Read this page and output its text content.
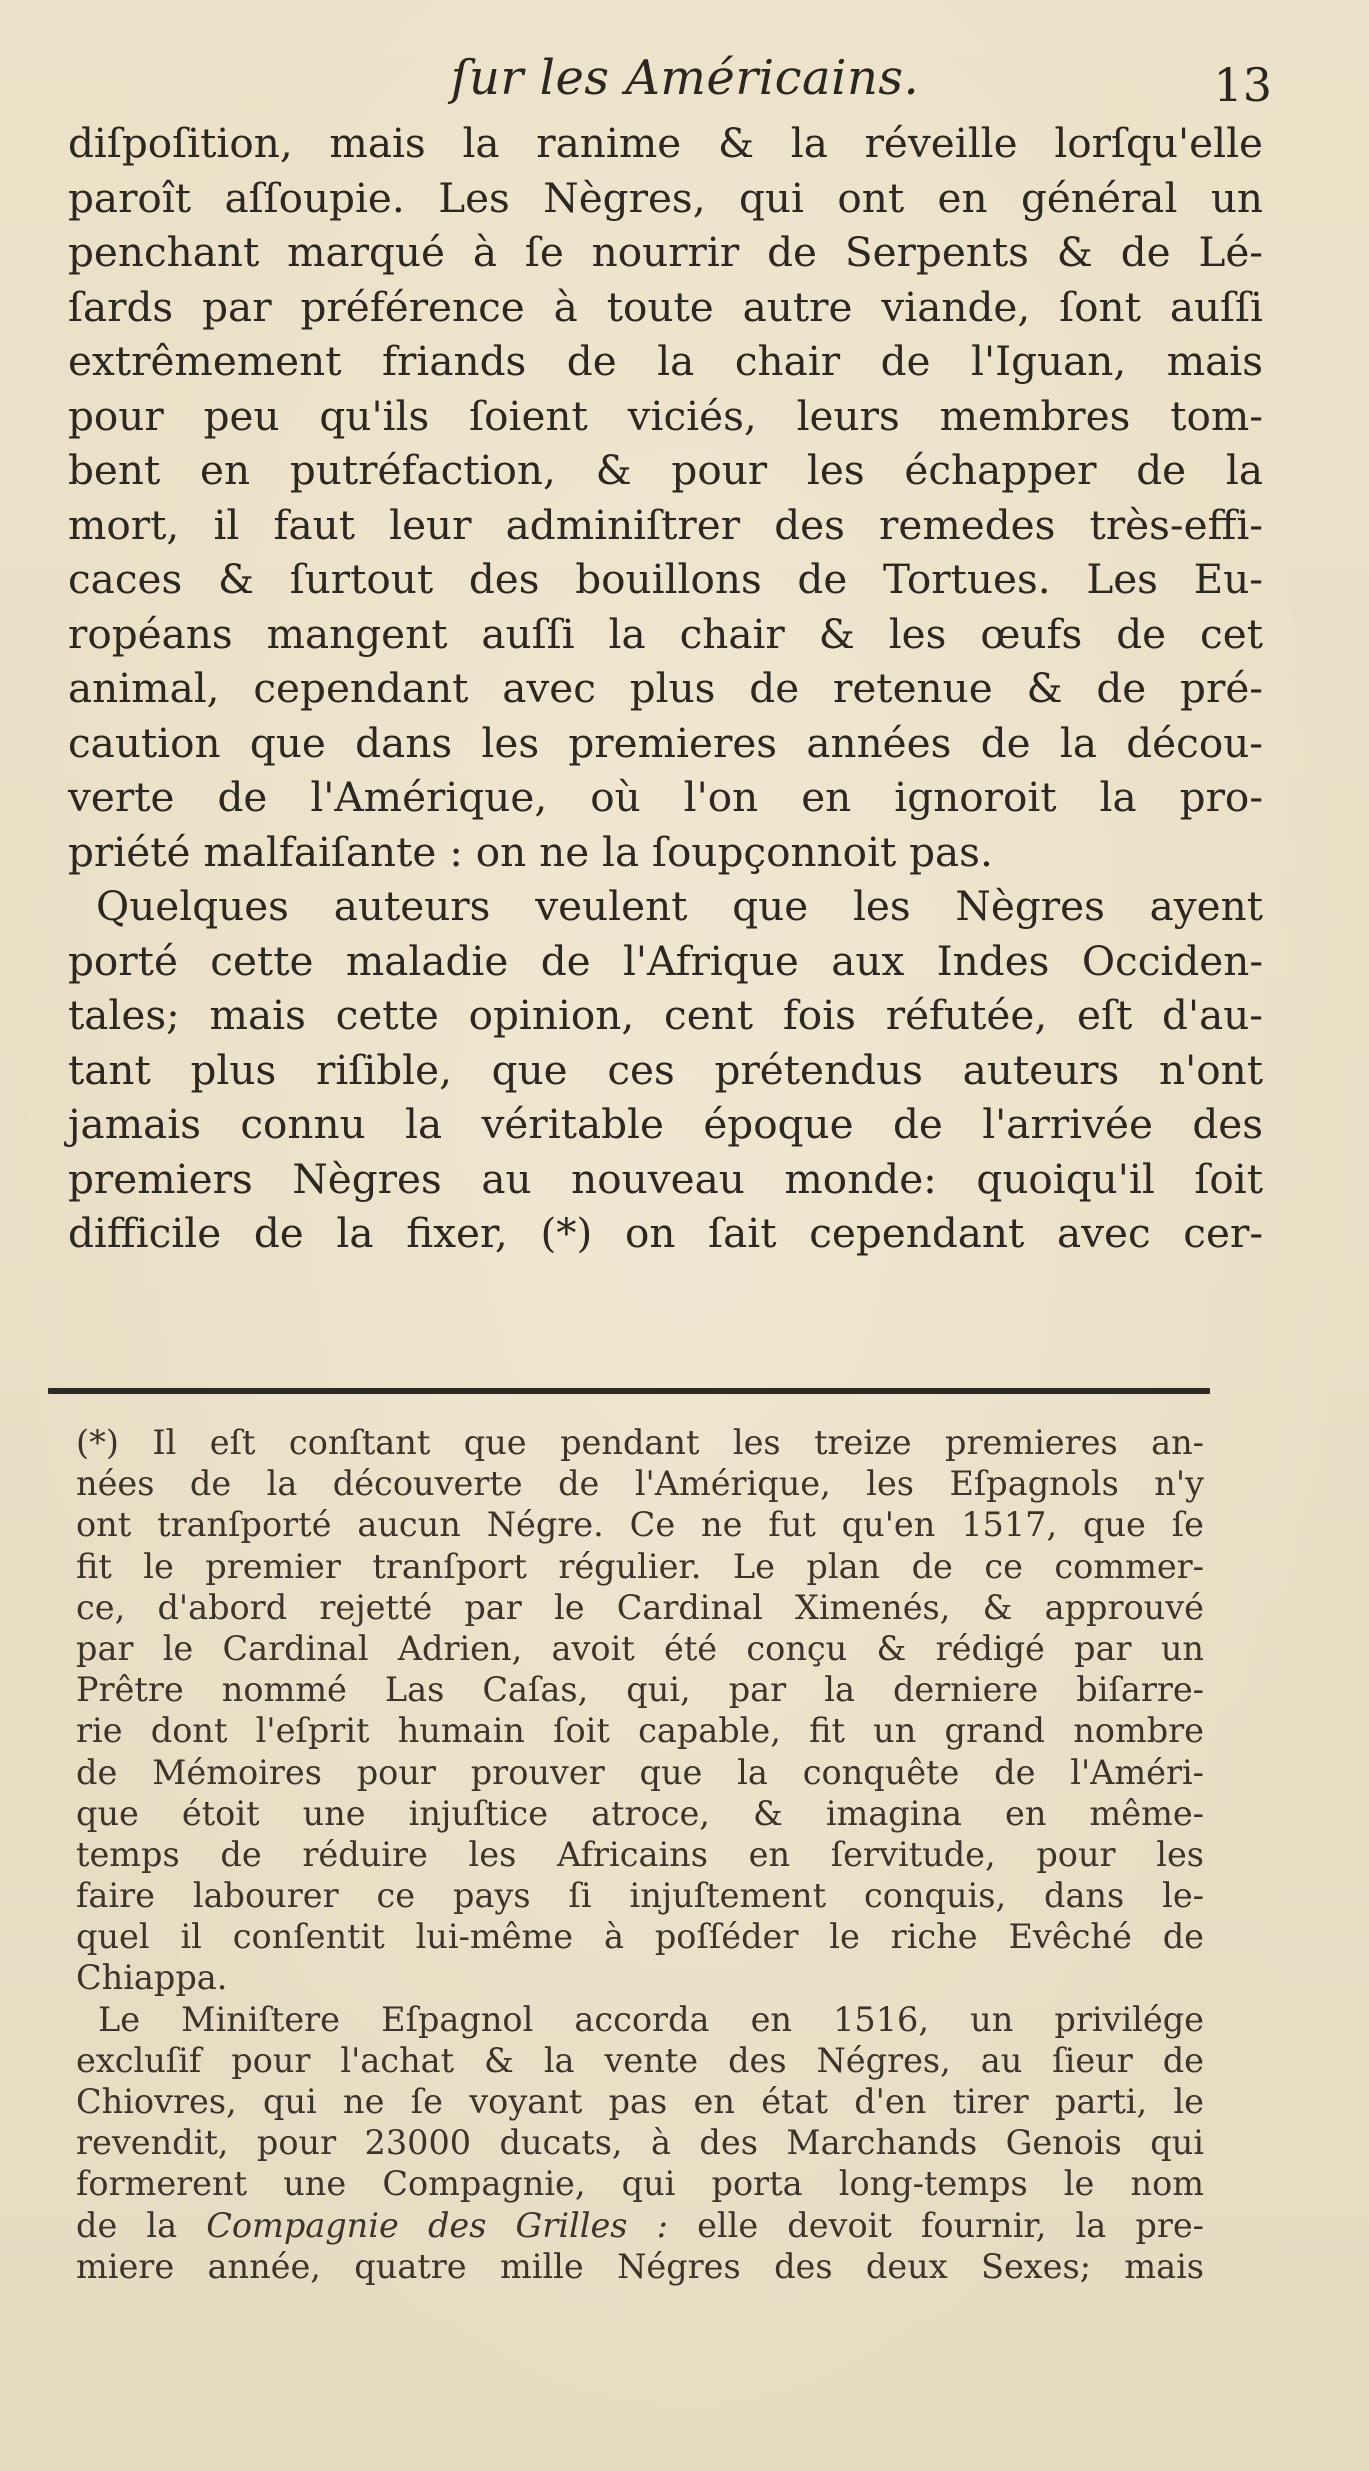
ſur les Américains.	13
diſpoſition, mais la ranime & la réveille lorſqu'elle
paroît aſſoupie. Les Nègres, qui ont en général un
penchant marqué à ſe nourrir de Serpents & de Lé-
ſards par préférence à toute autre viande, ſont auſſi
extrêmement friands de la chair de l'Iguan, mais
pour peu qu'ils ſoient viciés, leurs membres tom-
bent en putréfaction, & pour les échapper de la
mort, il faut leur adminiſtrer des remedes très-effi-
caces & ſurtout des bouillons de Tortues. Les Eu-
ropéans mangent auſſi la chair & les œufs de cet
animal, cependant avec plus de retenue & de pré-
caution que dans les premieres années de la décou-
verte de l'Amérique, où l'on en ignoroit la pro-
priété malfaiſante : on ne la ſoupçonnoit pas.
Quelques auteurs veulent que les Nègres ayent
porté cette maladie de l'Afrique aux Indes Occiden-
tales; mais cette opinion, cent fois réfutée, eſt d'au-
tant plus riſible, que ces prétendus auteurs n'ont
jamais connu la véritable époque de l'arrivée des
premiers Nègres au nouveau monde: quoiqu'il ſoit
difficile de la fixer, (*) on ſait cependant avec cer-
(*) Il eſt conſtant que pendant les treize premieres an-
nées de la découverte de l'Amérique, les Eſpagnols n'y
ont tranſporté aucun Négre. Ce ne fut qu'en 1517, que ſe
fit le premier tranſport régulier. Le plan de ce commer-
ce, d'abord rejetté par le Cardinal Ximenés, & approuvé
par le Cardinal Adrien, avoit été conçu & rédigé par un
Prêtre nommé Las Caſas, qui, par la derniere biſarre-
rie dont l'eſprit humain ſoit capable, fit un grand nombre
de Mémoires pour prouver que la conquête de l'Améri-
que étoit une injuſtice atroce, & imagina en même-
temps de réduire les Africains en ſervitude, pour les
faire labourer ce pays ſi injuſtement conquis, dans le-
quel il conſentit lui-même à poſſéder le riche Evêché de
Chiappa.
Le Miniſtere Eſpagnol accorda en 1516, un privilége
excluſif pour l'achat & la vente des Négres, au ſieur de
Chiovres, qui ne ſe voyant pas en état d'en tirer parti, le
revendit, pour 23000 ducats, à des Marchands Genois qui
formerent une Compagnie, qui porta long-temps le nom
de la Compagnie des Grilles : elle devoit fournir, la pre-
miere année, quatre mille Négres des deux Sexes; mais
